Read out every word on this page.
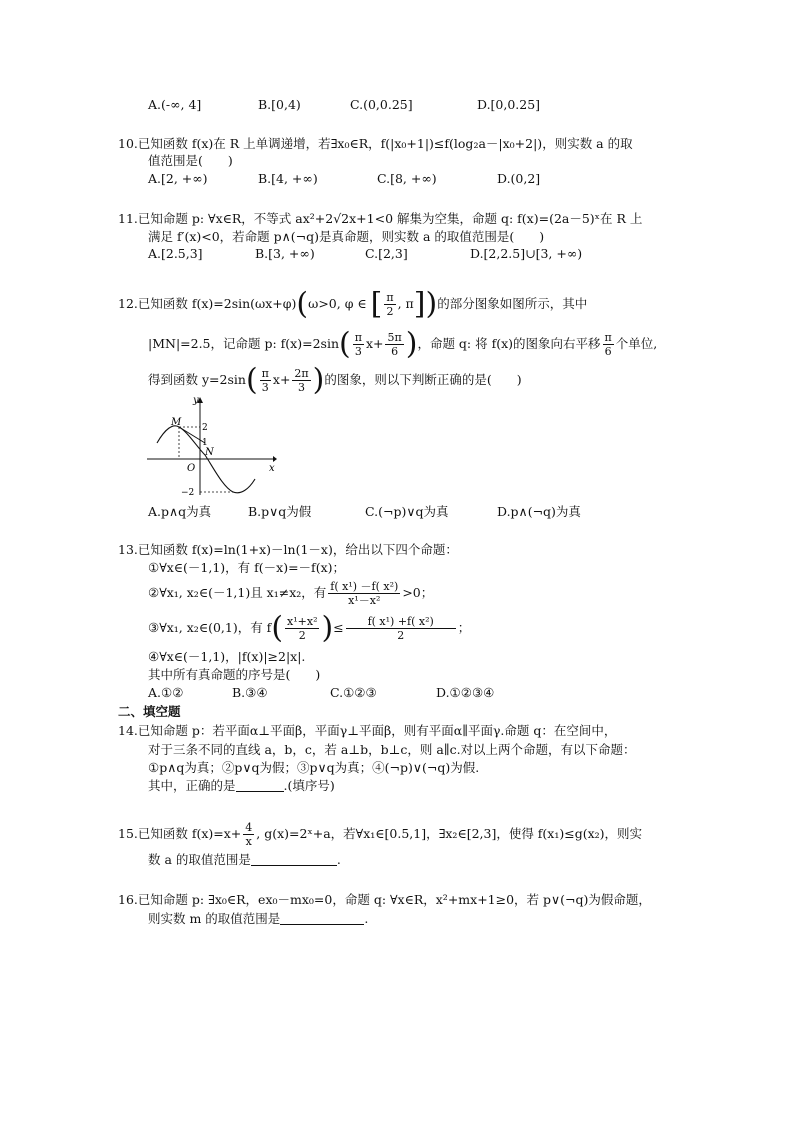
A.(-∞, 4]	B.[0,4)	C.(0,0.25]	D.[0,0.25]
10.已知函数 f(x)在 R 上单调递增，若∃x₀∈R，f(|x₀+1|)≤f(log₂a－|x₀+2|)，则实数 a 的取
值范围是(　　)
A.[2, +∞)	B.[4, +∞)	C.[8, +∞)	D.(0,2]
11.已知命题 p: ∀x∈R，不等式 ax²+2√2x+1<0 解集为空集，命题 q: f(x)=(2a－5)ˣ在 R 上
满足 f′(x)<0，若命题 p∧(¬q)是真命题，则实数 a 的取值范围是(　　)
A.[2.5,3]	B.[3, +∞)	C.[2,3]	D.[2,2.5]∪[3, +∞)
12.已知函数 f(x)=2sin(ωx+φ)(ω>0, φ ∈ [ $\frac{\pi}{2}$ , π])的部分图象如图所示，其中
|MN|=2.5，记命题 p: $f(x)=2\sin( \frac{\pi}{3} x+ \frac{5\pi}{6}$ )，命题 q: 将 f(x)的图象向右平移 $\frac{\pi}{6}$ 个单位,
得到函数 $y=2\sin( \frac{\pi}{3} x+ \frac{2\pi}{3}$ )的图象，则以下判断正确的是(　　)
y
x
M
N
O
2
1
−2
A.p∧q为真	B.p∨q为假	C.(¬p)∨q为真	D.p∧(¬q)为真
13.已知函数 f(x)=ln(1+x)－ln(1－x)，给出以下四个命题：
①∀x∈(－1,1)，有 f(－x)=－f(x)；
②∀x₁, x₂∈(－1,1)且 x₁≠x₂，有 $\frac{\text{f( x¹) －f( x²)}}{\text{x¹－x²}} >0$；
③∀x₁, x₂∈(0,1)，有 $f( \frac{\text{x¹+x²}}{2}$ )≤ $\frac{\text{f( x¹) +f( x²)}}{2}$ ；
④∀x∈(－1,1)，|f(x)|≥2|x|.
其中所有真命题的序号是(　　)
A.①②	B.③④	C.①②③	D.①②③④
二、填空题
14.已知命题 p：若平面α⊥平面β，平面γ⊥平面β，则有平面α∥平面γ.命题 q：在空间中，
对于三条不同的直线 a，b，c，若 a⊥b，b⊥c，则 a∥c.对以上两个命题，有以下命题：
①p∧q为真；②p∨q为假；③p∨q为真；④(¬p)∨(¬q)为假.
其中，正确的是	.(填序号)
15.已知函数 $f(x)=x+ \frac{4}{x}$ , g(x)=2ˣ+a，若∀x₁∈[0.5,1]，∃x₂∈[2,3]，使得 f(x₁)≤g(x₂)，则实
数 a 的取值范围是	.
16.已知命题 p: ∃x₀∈R，ex₀－mx₀=0，命题 q: ∀x∈R，x²+mx+1≥0，若 p∨(¬q)为假命题，
则实数 m 的取值范围是	.
